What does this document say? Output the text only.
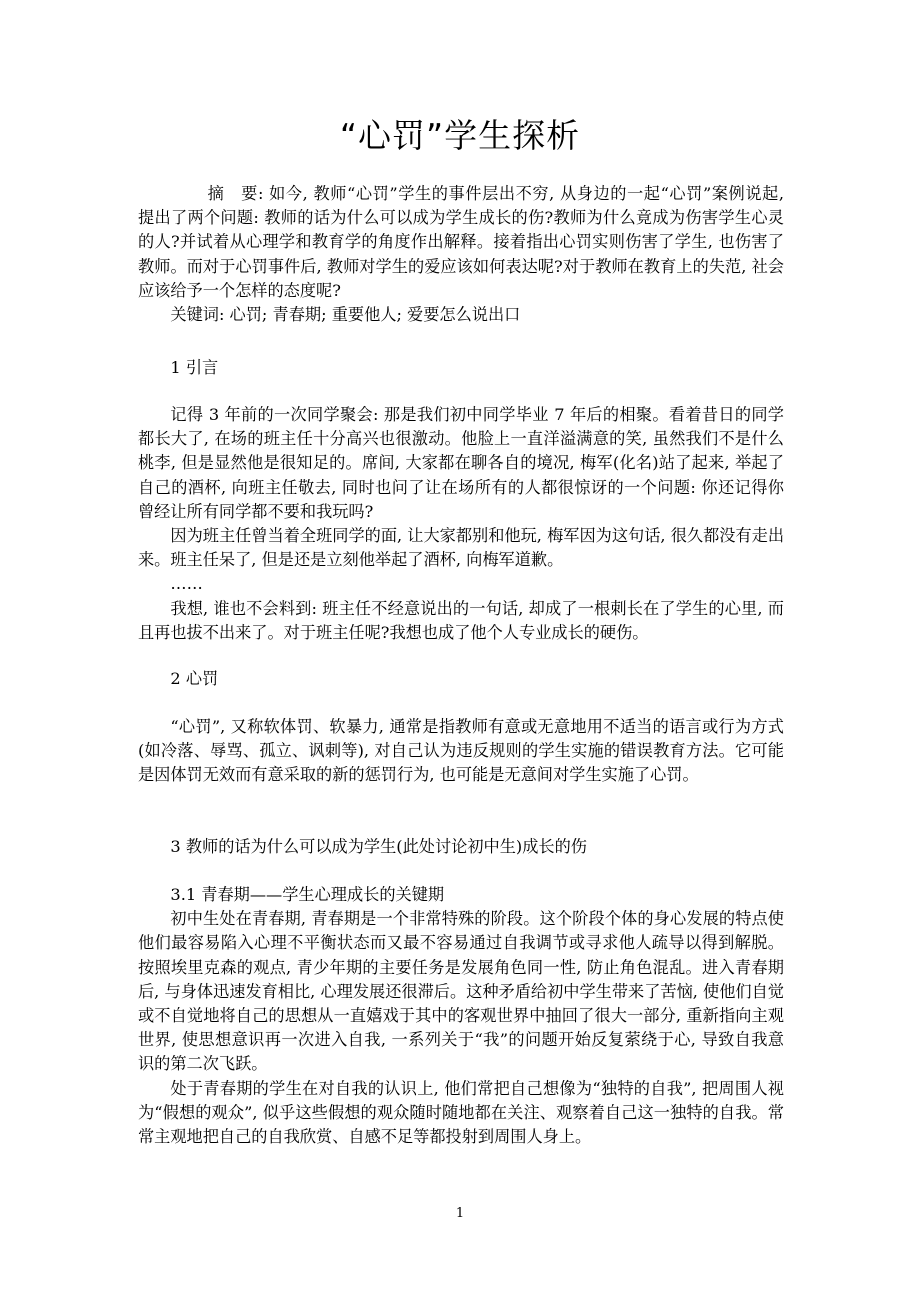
“心罚”学生探析

摘　要: 如今, 教师“心罚”学生的事件层出不穷, 从身边的一起“心罚”案例说起, 提出了两个问题: 教师的话为什么可以成为学生成长的伤?教师为什么竟成为伤害学生心灵的人?并试着从心理学和教育学的角度作出解释。接着指出心罚实则伤害了学生, 也伤害了教师。而对于心罚事件后, 教师对学生的爱应该如何表达呢?对于教师在教育上的失范, 社会应该给予一个怎样的态度呢?

关键词: 心罚; 青春期; 重要他人; 爱要怎么说出口

1 引言

记得 3 年前的一次同学聚会: 那是我们初中同学毕业 7 年后的相聚。看着昔日的同学都长大了, 在场的班主任十分高兴也很激动。他脸上一直洋溢满意的笑, 虽然我们不是什么桃李, 但是显然他是很知足的。席间, 大家都在聊各自的境况, 梅军(化名)站了起来, 举起了自己的酒杯, 向班主任敬去, 同时也问了让在场所有的人都很惊讶的一个问题: 你还记得你曾经让所有同学都不要和我玩吗?

因为班主任曾当着全班同学的面, 让大家都别和他玩, 梅军因为这句话, 很久都没有走出来。班主任呆了, 但是还是立刻他举起了酒杯, 向梅军道歉。

……

我想, 谁也不会料到: 班主任不经意说出的一句话, 却成了一根刺长在了学生的心里, 而且再也拔不出来了。对于班主任呢?我想也成了他个人专业成长的硬伤。

2 心罚

“心罚”, 又称软体罚、软暴力, 通常是指教师有意或无意地用不适当的语言或行为方式(如冷落、辱骂、孤立、讽刺等), 对自己认为违反规则的学生实施的错误教育方法。它可能是因体罚无效而有意采取的新的惩罚行为, 也可能是无意间对学生实施了心罚。

3 教师的话为什么可以成为学生(此处讨论初中生)成长的伤

3.1 青春期——学生心理成长的关键期

初中生处在青春期, 青春期是一个非常特殊的阶段。这个阶段个体的身心发展的特点使他们最容易陷入心理不平衡状态而又最不容易通过自我调节或寻求他人疏导以得到解脱。按照埃里克森的观点, 青少年期的主要任务是发展角色同一性, 防止角色混乱。进入青春期后, 与身体迅速发育相比, 心理发展还很滞后。这种矛盾给初中学生带来了苦恼, 使他们自觉或不自觉地将自己的思想从一直嬉戏于其中的客观世界中抽回了很大一部分, 重新指向主观世界, 使思想意识再一次进入自我, 一系列关于“我”的问题开始反复萦绕于心, 导致自我意识的第二次飞跃。

处于青春期的学生在对自我的认识上, 他们常把自己想像为“独特的自我”, 把周围人视为“假想的观众”, 似乎这些假想的观众随时随地都在关注、观察着自己这一独特的自我。常常主观地把自己的自我欣赏、自感不足等都投射到周围人身上。

1
